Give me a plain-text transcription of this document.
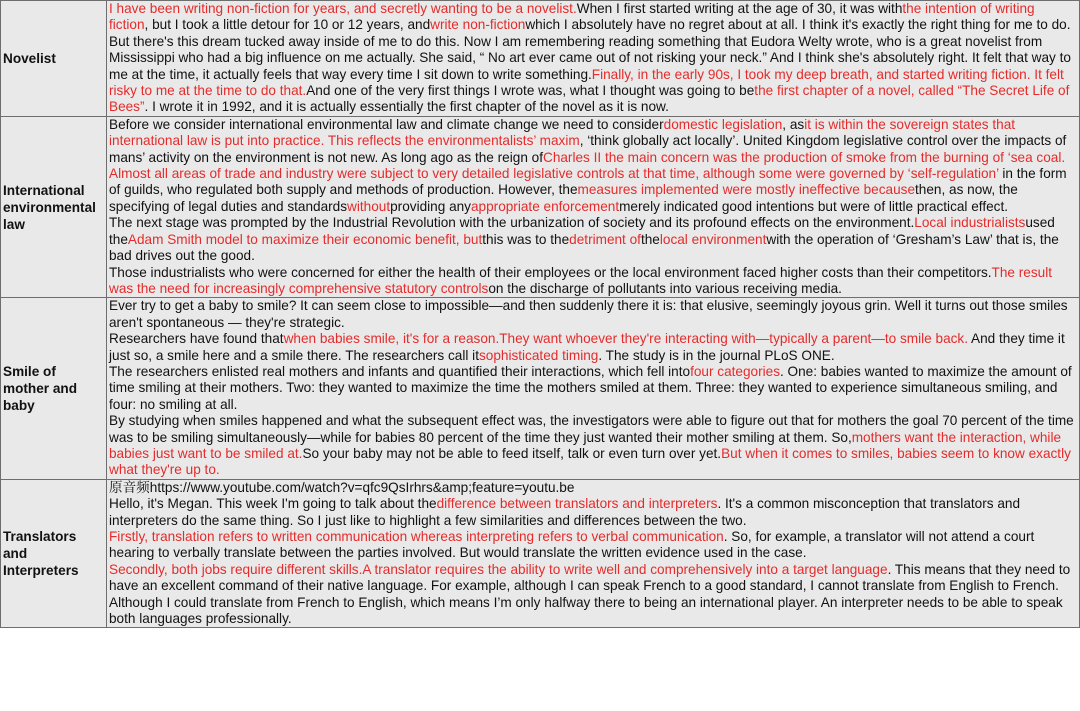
Novelist	I have been writing non-fiction for years, and secretly wanting to be a novelist.When I first started writing at the age of 30, it was withthe intention of writing fiction, but I took a little detour for 10 or 12 years, andwrite non-fictionwhich I absolutely have no regret about at all. I think it's exactly the right thing for me to do. But there's this dream tucked away inside of me to do this. Now I am remembering reading something that Eudora Welty wrote, who is a great novelist from Mississippi who had a big influence on me actually. She said, “ No art ever came out of not risking your neck.” And I think she's absolutely right. It felt that way to me at the time, it actually feels that way every time I sit down to write something.Finally, in the early 90s, I took my deep breath, and started writing fiction. It felt risky to me at the time to do that.And one of the very first things I wrote was, what I thought was going to bethe first chapter of a novel, called “The Secret Life of Bees”. I wrote it in 1992, and it is actually essentially the first chapter of the novel as it is now.

International environmental law	Before we consider international environmental law and climate change we need to considerdomestic legislation, asit is within the sovereign states that international law is put into practice. This reflects the environmentalists’ maxim, ‘think globally act locally’. United Kingdom legislative control over the impacts of mans’ activity on the environment is not new. As long ago as the reign ofCharles II the main concern was the production of smoke from the burning of ‘sea coal. Almost all areas of trade and industry were subject to very detailed legislative controls at that time, although some were governed by ‘self-regulation’ in the form of guilds, who regulated both supply and methods of production. However, themeasures implemented were mostly ineffective becausethen, as now, the specifying of legal duties and standardswithoutproviding anyappropriate enforcementmerely indicated good intentions but were of little practical effect.
The next stage was prompted by the Industrial Revolution with the urbanization of society and its profound effects on the environment.Local industrialistsused theAdam Smith model to maximize their economic benefit, butthis was to thedetriment ofthelocal environmentwith the operation of ‘Gresham’s Law’ that is, the bad drives out the good.
Those industrialists who were concerned for either the health of their employees or the local environment faced higher costs than their competitors.The result was the need for increasingly comprehensive statutory controlson the discharge of pollutants into various receiving media.

Smile of mother and baby	Ever try to get a baby to smile? It can seem close to impossible—and then suddenly there it is: that elusive, seemingly joyous grin. Well it turns out those smiles aren't spontaneous — they're strategic.
Researchers have found thatwhen babies smile, it's for a reason.They want whoever they're interacting with—typically a parent—to smile back. And they time it just so, a smile here and a smile there. The researchers call itsophisticated timing. The study is in the journal PLoS ONE.
The researchers enlisted real mothers and infants and quantified their interactions, which fell intofour categories. One: babies wanted to maximize the amount of time smiling at their mothers. Two: they wanted to maximize the time the mothers smiled at them. Three: they wanted to experience simultaneous smiling, and four: no smiling at all.
By studying when smiles happened and what the subsequent effect was, the investigators were able to figure out that for mothers the goal 70 percent of the time was to be smiling simultaneously—while for babies 80 percent of the time they just wanted their mother smiling at them. So,mothers want the interaction, while babies just want to be smiled at.So your baby may not be able to feed itself, talk or even turn over yet.But when it comes to smiles, babies seem to know exactly what they're up to.

Translators and Interpreters	原音频https://www.youtube.com/watch?v=qfc9QsIrhrs&amp;feature=youtu.be
Hello, it's Megan. This week I'm going to talk about thedifference between translators and interpreters. It's a common misconception that translators and interpreters do the same thing. So I just like to highlight a few similarities and differences between the two.
Firstly, translation refers to written communication whereas interpreting refers to verbal communication. So, for example, a translator will not attend a court hearing to verbally translate between the parties involved. But would translate the written evidence used in the case.
Secondly, both jobs require different skills.A translator requires the ability to write well and comprehensively into a target language. This means that they need to have an excellent command of their native language. For example, although I can speak French to a good standard, I cannot translate from English to French. Although I could translate from French to English, which means I’m only halfway there to being an international player. An interpreter needs to be able to speak both languages professionally.
